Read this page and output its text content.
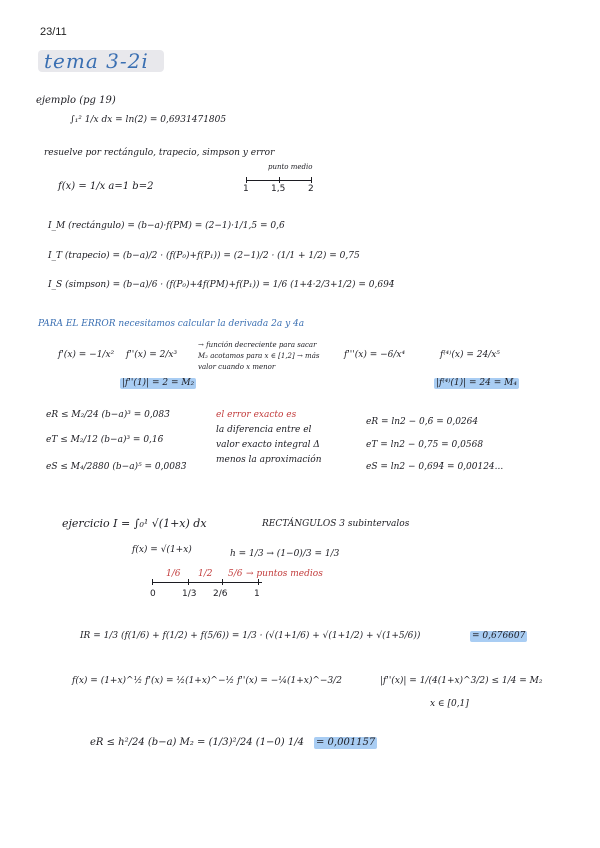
23/11
tema 3-2i
ejemplo (pg 19)
∫₁² 1/x dx = ln(2) = 0,6931471805
resuelve por rectángulo, trapecio, simpson y error
f(x) = 1/x a=1 b=2
punto medio
1 1,5	2
I_M (rectángulo) = (b−a)·f(PM) = (2−1)·1/1,5 = 0,6̄
I_T (trapecio) = (b−a)/2 · (f(P₀)+f(P₁)) = (2−1)/2 · (1/1 + 1/2) = 0,75
I_S (simpson) = (b−a)/6 · (f(P₀)+4f(PM)+f(P₁)) = 1/6 (1+4·2/3+1/2) = 0,694̄
PARA EL ERROR necesitamos calcular la derivada 2a y 4a
f'(x) = −1/x² f''(x) = 2/x³
→ función decreciente para sacar M₂ acotamos para x ∈ [1,2] → más valor cuando x menor
|f''(1)| = 2 = M₂
f'''(x) = −6/x⁴	f⁽⁴⁾(x) = 24/x⁵
|f⁽⁴⁾(1)| = 24 = M₄
eR ≤ M₂/24 (b−a)³ = 0,083̄
eT ≤ M₂/12 (b−a)³ = 0,16̄
eS ≤ M₄/2880 (b−a)⁵ = 0,0083̄
el error exacto es
la diferencia entre el
valor exacto integral Δ
menos la aproximación
eR = ln2 − 0,6̄ = 0,0264
eT = ln2 − 0,75 = 0,0568
eS = ln2 − 0,694̄ = 0,00124...
ejercicio I = ∫₀¹ √(1+x) dx	RECTÁNGULOS 3 subintervalos
f(x) = √(1+x)	h = 1/3 → (1−0)/3 = 1/3
1/6 1/2 5/6 → puntos medios
0	1/3 2/6	1
IR = 1/3 (f(1/6) + f(1/2) + f(5/6)) = 1/3 · (√(1+1/6) + √(1+1/2) + √(1+5/6))	= 0,676607
f(x) = (1+x)^½ f'(x) = ½(1+x)^−½ f''(x) = −¼(1+x)^−3/2	|f''(x)| = 1/(4(1+x)^3/2) ≤ 1/4 = M₂
x ∈ [0,1]
eR ≤ h²/24 (b−a) M₂ = (1/3)²/24 (1−0) 1/4 = 0,001157
